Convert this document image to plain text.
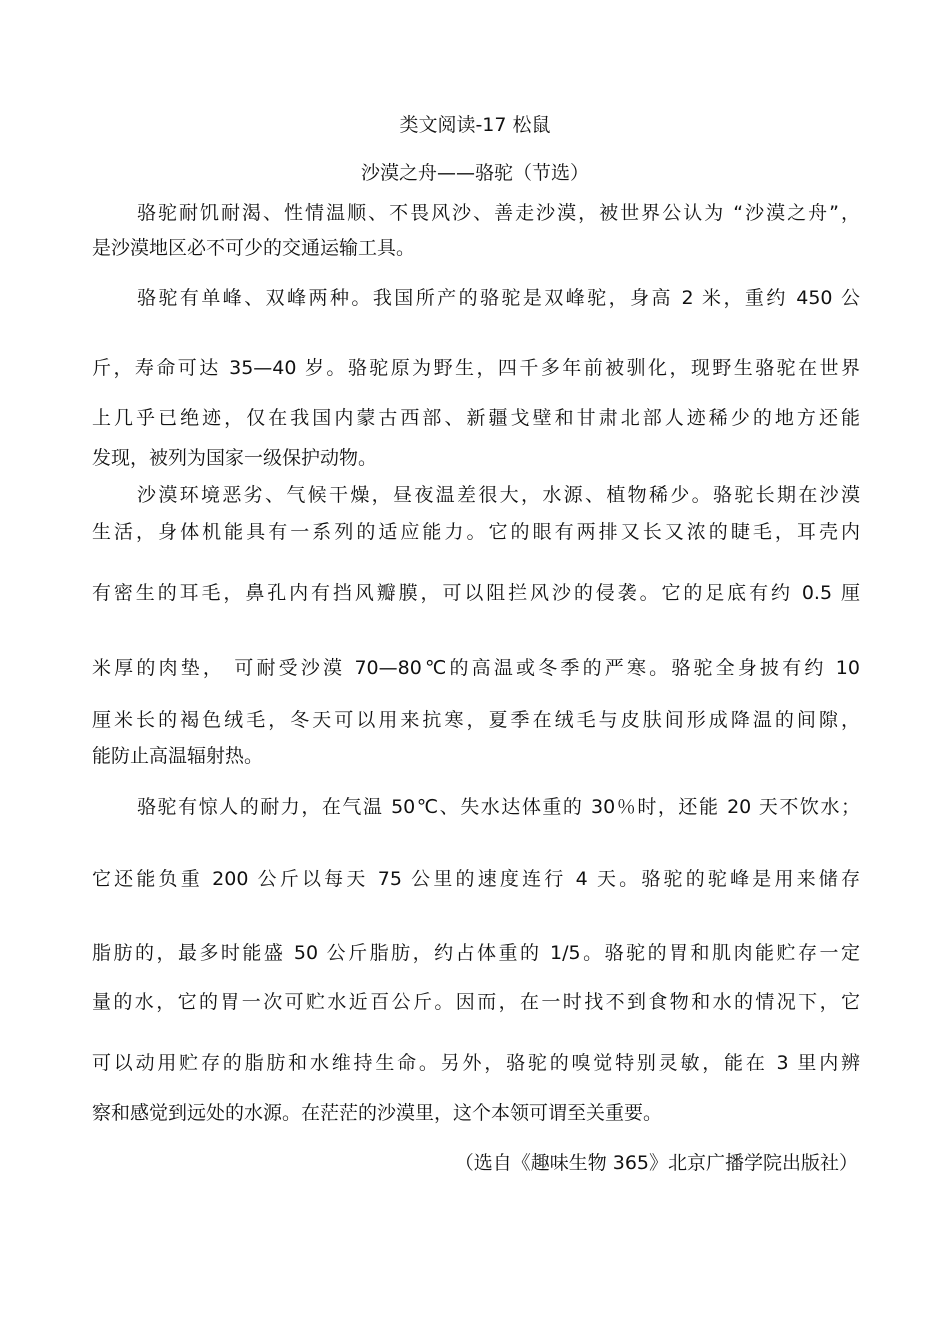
类文阅读-17 松鼠
沙漠之舟——骆驼（节选）
骆驼耐饥耐渴、性情温顺、不畏风沙、善走沙漠，被世界公认为 “沙漠之舟”，
是沙漠地区必不可少的交通运输工具。
骆驼有单峰、双峰两种。我国所产的骆驼是双峰驼，身高 2 米，重约 450 公
斤，寿命可达 35—40 岁。骆驼原为野生，四千多年前被驯化，现野生骆驼在世界
上几乎已绝迹，仅在我国内蒙古西部、新疆戈壁和甘肃北部人迹稀少的地方还能
发现，被列为国家一级保护动物。
沙漠环境恶劣、气候干燥，昼夜温差很大，水源、植物稀少。骆驼长期在沙漠
生活，身体机能具有一系列的适应能力。它的眼有两排又长又浓的睫毛，耳壳内
有密生的耳毛，鼻孔内有挡风瓣膜，可以阻拦风沙的侵袭。它的足底有约 0.5 厘
米厚的肉垫， 可耐受沙漠 70—80℃的高温或冬季的严寒。骆驼全身披有约 10
厘米长的褐色绒毛，冬天可以用来抗寒，夏季在绒毛与皮肤间形成降温的间隙，
能防止高温辐射热。
骆驼有惊人的耐力，在气温 50℃、失水达体重的 30％时，还能 20 天不饮水；
它还能负重 200 公斤以每天 75 公里的速度连行 4 天。骆驼的驼峰是用来储存
脂肪的，最多时能盛 50 公斤脂肪，约占体重的 1/5。骆驼的胃和肌肉能贮存一定
量的水，它的胃一次可贮水近百公斤。因而，在一时找不到食物和水的情况下，它
可以动用贮存的脂肪和水维持生命。另外，骆驼的嗅觉特别灵敏，能在 3 里内辨
察和感觉到远处的水源。在茫茫的沙漠里，这个本领可谓至关重要。
（选自《趣味生物 365》北京广播学院出版社）
